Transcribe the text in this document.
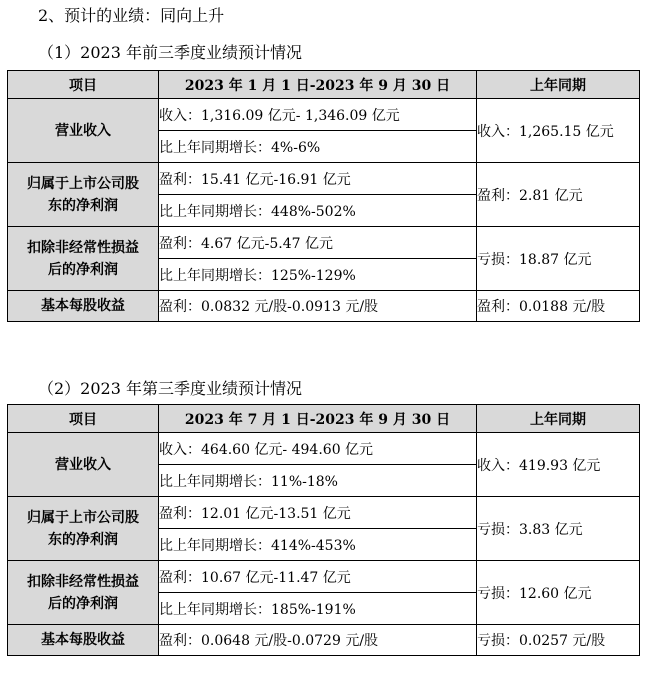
2、预计的业绩：同向上升
（1）2023 年前三季度业绩预计情况
项目	2023 年 1 月 1 日-2023 年 9 月 30 日	上年同期

营业收入	收入：1,316.09 亿元- 1,346.09 亿元	收入：1,265.15 亿元
	比上年同期增长：4%-6%	

归属于上市公司股
东的净利润	盈利：15.41 亿元-16.91 亿元	盈利：2.81 亿元
	比上年同期增长：448%-502%	

扣除非经常性损益
后的净利润	盈利：4.67 亿元-5.47 亿元	亏损：18.87 亿元
	比上年同期增长：125%-129%	
基本每股收益	盈利：0.0832 元/股-0.0913 元/股	盈利：0.0188 元/股
（2）2023 年第三季度业绩预计情况
项目	2023 年 7 月 1 日-2023 年 9 月 30 日	上年同期

营业收入	收入：464.60 亿元- 494.60 亿元	收入：419.93 亿元
	比上年同期增长：11%-18%	

归属于上市公司股
东的净利润	盈利：12.01 亿元-13.51 亿元	亏损：3.83 亿元
	比上年同期增长：414%-453%	

扣除非经常性损益
后的净利润	盈利：10.67 亿元-11.47 亿元	亏损：12.60 亿元
	比上年同期增长：185%-191%	
基本每股收益	盈利：0.0648 元/股-0.0729 元/股	亏损：0.0257 元/股
